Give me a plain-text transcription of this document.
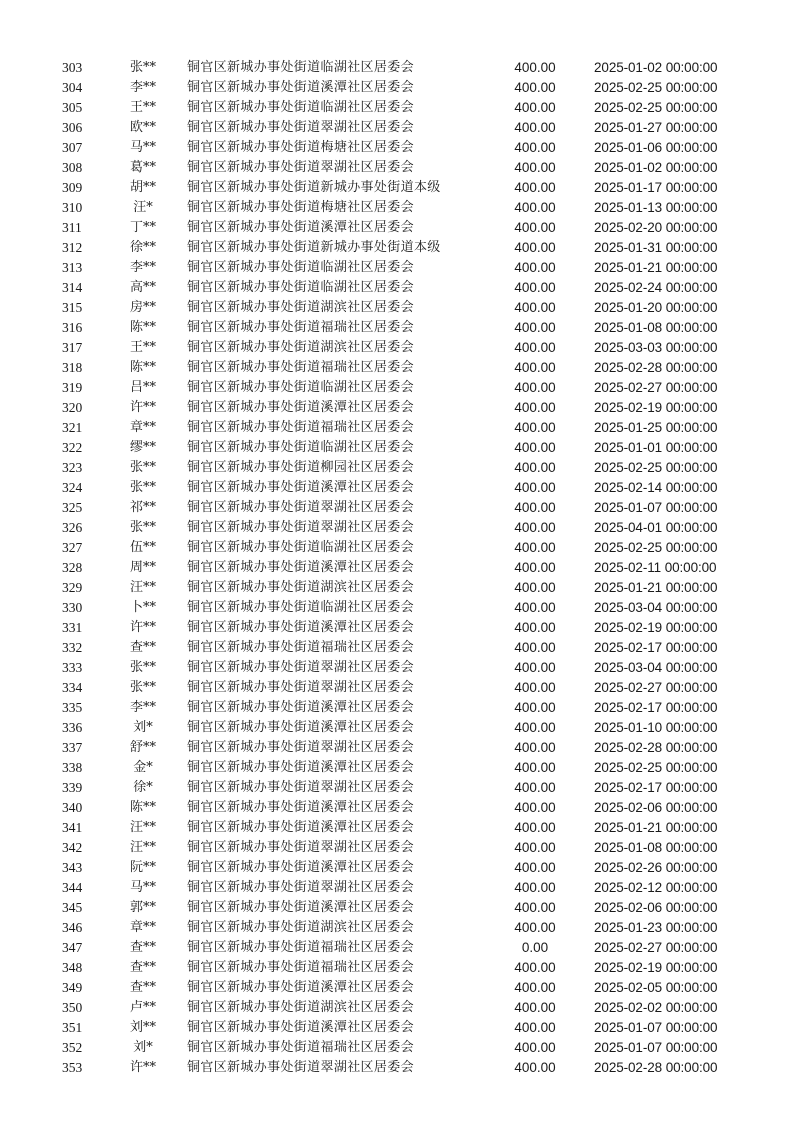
303	张**	铜官区新城办事处街道临湖社区居委会	400.00	2025-01-02 00:00:00
304	李**	铜官区新城办事处街道溪潭社区居委会	400.00	2025-02-25 00:00:00
305	王**	铜官区新城办事处街道临湖社区居委会	400.00	2025-02-25 00:00:00
306	欧**	铜官区新城办事处街道翠湖社区居委会	400.00	2025-01-27 00:00:00
307	马**	铜官区新城办事处街道梅塘社区居委会	400.00	2025-01-06 00:00:00
308	葛**	铜官区新城办事处街道翠湖社区居委会	400.00	2025-01-02 00:00:00
309	胡**	铜官区新城办事处街道新城办事处街道本级	400.00	2025-01-17 00:00:00
310	汪*	铜官区新城办事处街道梅塘社区居委会	400.00	2025-01-13 00:00:00
311	丁**	铜官区新城办事处街道溪潭社区居委会	400.00	2025-02-20 00:00:00
312	徐**	铜官区新城办事处街道新城办事处街道本级	400.00	2025-01-31 00:00:00
313	李**	铜官区新城办事处街道临湖社区居委会	400.00	2025-01-21 00:00:00
314	高**	铜官区新城办事处街道临湖社区居委会	400.00	2025-02-24 00:00:00
315	房**	铜官区新城办事处街道湖滨社区居委会	400.00	2025-01-20 00:00:00
316	陈**	铜官区新城办事处街道福瑞社区居委会	400.00	2025-01-08 00:00:00
317	王**	铜官区新城办事处街道湖滨社区居委会	400.00	2025-03-03 00:00:00
318	陈**	铜官区新城办事处街道福瑞社区居委会	400.00	2025-02-28 00:00:00
319	吕**	铜官区新城办事处街道临湖社区居委会	400.00	2025-02-27 00:00:00
320	许**	铜官区新城办事处街道溪潭社区居委会	400.00	2025-02-19 00:00:00
321	章**	铜官区新城办事处街道福瑞社区居委会	400.00	2025-01-25 00:00:00
322	缪**	铜官区新城办事处街道临湖社区居委会	400.00	2025-01-01 00:00:00
323	张**	铜官区新城办事处街道柳园社区居委会	400.00	2025-02-25 00:00:00
324	张**	铜官区新城办事处街道溪潭社区居委会	400.00	2025-02-14 00:00:00
325	祁**	铜官区新城办事处街道翠湖社区居委会	400.00	2025-01-07 00:00:00
326	张**	铜官区新城办事处街道翠湖社区居委会	400.00	2025-04-01 00:00:00
327	伍**	铜官区新城办事处街道临湖社区居委会	400.00	2025-02-25 00:00:00
328	周**	铜官区新城办事处街道溪潭社区居委会	400.00	2025-02-11 00:00:00
329	汪**	铜官区新城办事处街道湖滨社区居委会	400.00	2025-01-21 00:00:00
330	卜**	铜官区新城办事处街道临湖社区居委会	400.00	2025-03-04 00:00:00
331	许**	铜官区新城办事处街道溪潭社区居委会	400.00	2025-02-19 00:00:00
332	查**	铜官区新城办事处街道福瑞社区居委会	400.00	2025-02-17 00:00:00
333	张**	铜官区新城办事处街道翠湖社区居委会	400.00	2025-03-04 00:00:00
334	张**	铜官区新城办事处街道翠湖社区居委会	400.00	2025-02-27 00:00:00
335	李**	铜官区新城办事处街道溪潭社区居委会	400.00	2025-02-17 00:00:00
336	刘*	铜官区新城办事处街道溪潭社区居委会	400.00	2025-01-10 00:00:00
337	舒**	铜官区新城办事处街道翠湖社区居委会	400.00	2025-02-28 00:00:00
338	金*	铜官区新城办事处街道溪潭社区居委会	400.00	2025-02-25 00:00:00
339	徐*	铜官区新城办事处街道翠湖社区居委会	400.00	2025-02-17 00:00:00
340	陈**	铜官区新城办事处街道溪潭社区居委会	400.00	2025-02-06 00:00:00
341	汪**	铜官区新城办事处街道溪潭社区居委会	400.00	2025-01-21 00:00:00
342	汪**	铜官区新城办事处街道翠湖社区居委会	400.00	2025-01-08 00:00:00
343	阮**	铜官区新城办事处街道溪潭社区居委会	400.00	2025-02-26 00:00:00
344	马**	铜官区新城办事处街道翠湖社区居委会	400.00	2025-02-12 00:00:00
345	郭**	铜官区新城办事处街道溪潭社区居委会	400.00	2025-02-06 00:00:00
346	章**	铜官区新城办事处街道湖滨社区居委会	400.00	2025-01-23 00:00:00
347	查**	铜官区新城办事处街道福瑞社区居委会	0.00	2025-02-27 00:00:00
348	查**	铜官区新城办事处街道福瑞社区居委会	400.00	2025-02-19 00:00:00
349	查**	铜官区新城办事处街道溪潭社区居委会	400.00	2025-02-05 00:00:00
350	卢**	铜官区新城办事处街道湖滨社区居委会	400.00	2025-02-02 00:00:00
351	刘**	铜官区新城办事处街道溪潭社区居委会	400.00	2025-01-07 00:00:00
352	刘*	铜官区新城办事处街道福瑞社区居委会	400.00	2025-01-07 00:00:00
353	许**	铜官区新城办事处街道翠湖社区居委会	400.00	2025-02-28 00:00:00
